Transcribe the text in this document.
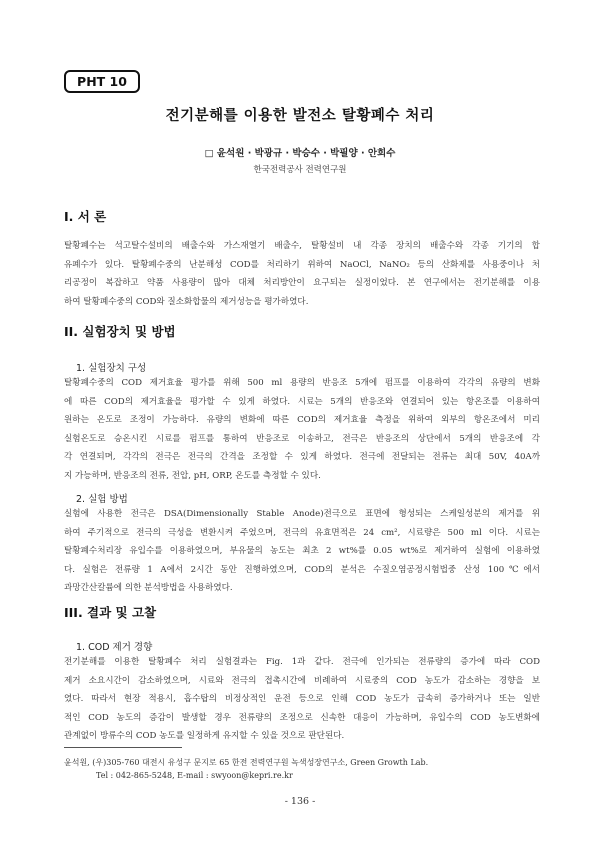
PHT 10
전기분해를 이용한 발전소 탈황폐수 처리
□ 윤석원 · 박광규 · 박승수 · 박필양 · 안희수
한국전력공사 전력연구원
I. 서 론
탈황폐수는 석고탈수설비의 배출수와 가스재열기 배출수, 탈황설비 내 각종 장치의 배출수와 각종 기기의 합
유폐수가 있다. 탈황폐수중의 난분해성 COD를 처리하기 위하여 NaOCl, NaNO₂ 등의 산화제를 사용중이나 처
리공정이 복잡하고 약품 사용량이 많아 대체 처리방안이 요구되는 실정이었다. 본 연구에서는 전기분해를 이용
하여 탈황폐수중의 COD와 질소화합물의 제거성능을 평가하였다.
II. 실험장치 및 방법
1. 실험장치 구성
탈황폐수중의 COD 제거효율 평가를 위해 500 ml 용량의 반응조 5개에 펌프를 이용하여 각각의 유량의 변화
에 따른 COD의 제거효율을 평가할 수 있게 하였다. 시료는 5개의 반응조와 연결되어 있는 항온조를 이용하여
원하는 온도로 조정이 가능하다. 유량의 변화에 따른 COD의 제거효율 측정을 위하여 외부의 항온조에서 미리
실험온도로 승온시킨 시료를 펌프를 통하여 반응조로 이송하고, 전극은 반응조의 상단에서 5개의 반응조에 각
각 연결되며, 각각의 전극은 전극의 간격을 조정할 수 있게 하였다. 전극에 전달되는 전류는 최대 50V, 40A까
지 가능하며, 반응조의 전류, 전압, pH, ORP, 온도를 측정할 수 있다.
2. 실험 방법
실험에 사용한 전극은 DSA(Dimensionally Stable Anode)전극으로 표면에 형성되는 스케일성분의 제거를 위
하여 주기적으로 전극의 극성을 변환시켜 주었으며, 전극의 유효면적은 24 cm², 시료량은 500 ml 이다. 시료는
탈황폐수처리장 유입수를 이용하였으며, 부유물의 농도는 최초 2 wt%를 0.05 wt%로 제거하여 실험에 이용하였
다. 실험은 전류량 1 A에서 2시간 동안 진행하였으며, COD의 분석은 수질오염공정시험법중 산성 100℃에서
과망간산칼륨에 의한 분석방법을 사용하였다.
III. 결과 및 고찰
1. COD 제거 경향
전기분해를 이용한 탈황폐수 처리 실험결과는 Fig. 1과 같다. 전극에 인가되는 전류량의 증가에 따라 COD
제거 소요시간이 감소하였으며, 시료와 전극의 접촉시간에 비례하여 시료중의 COD 농도가 감소하는 경향을 보
였다. 따라서 현장 적용시, 흡수탑의 비정상적인 운전 등으로 인해 COD 농도가 급속히 증가하거나 또는 일반
적인 COD 농도의 증감이 발생할 경우 전류량의 조정으로 신속한 대응이 가능하며, 유입수의 COD 농도변화에
관계없이 방류수의 COD 농도를 일정하게 유지할 수 있을 것으로 판단된다.
윤석원, (우)305-760 대전시 유성구 문지로 65 한전 전력연구원 녹색성장연구소, Green Growth Lab.
Tel : 042-865-5248, E-mail : swyoon@kepri.re.kr
- 136 -
